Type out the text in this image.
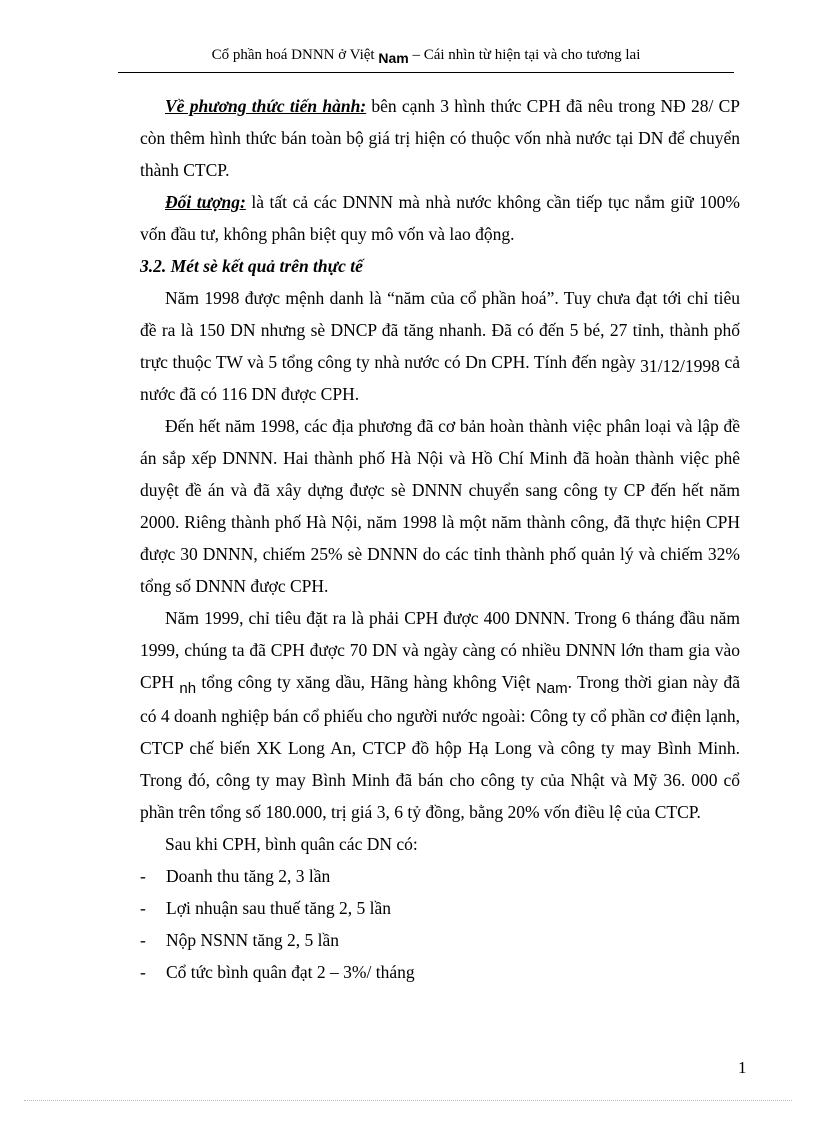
Cổ phần hoá DNNN ở Việt Nam – Cái nhìn từ hiện tại và cho tương lai

Về phương thức tiến hành: bên cạnh 3 hình thức CPH đã nêu trong NĐ 28/ CP còn thêm hình thức bán toàn bộ giá trị hiện có thuộc vốn nhà nước tại DN để chuyển thành CTCP.

Đối tượng: là tất cả các DNNN mà nhà nước không cần tiếp tục nắm giữ 100% vốn đầu tư, không phân biệt quy mô vốn và lao động.

3.2. Mét sè kết quả trên thực tế

Năm 1998 được mệnh danh là “năm của cổ phần hoá”. Tuy chưa đạt tới chỉ tiêu đề ra là 150 DN nhưng sè DNCP đã tăng nhanh. Đã có đến 5 bé, 27 tỉnh, thành phố trực thuộc TW và 5 tổng công ty nhà nước có Dn CPH. Tính đến ngày 31/12/1998 cả nước đã có 116 DN được CPH.

Đến hết năm 1998, các địa phương đã cơ bản hoàn thành việc phân loại và lập đề án sắp xếp DNNN. Hai thành phố Hà Nội và Hồ Chí Minh đã hoàn thành việc phê duyệt đề án và đã xây dựng được sè DNNN chuyển sang công ty CP đến hết năm 2000. Riêng thành phố Hà Nội, năm 1998 là một năm thành công, đã thực hiện CPH được 30 DNNN, chiếm 25% sè DNNN do các tỉnh thành phố quản lý và chiếm 32% tổng số DNNN được CPH.

Năm 1999, chỉ tiêu đặt ra là phải CPH được 400 DNNN. Trong 6 tháng đầu năm 1999, chúng ta đã CPH được 70 DN và ngày càng có nhiều DNNN lớn tham gia vào CPH nh tổng công ty xăng dầu, Hãng hàng không Việt Nam. Trong thời gian này đã có 4 doanh nghiệp bán cổ phiếu cho người nước ngoài: Công ty cổ phần cơ điện lạnh, CTCP chế biến XK Long An, CTCP đồ hộp Hạ Long và công ty may Bình Minh. Trong đó, công ty may Bình Minh đã bán cho công ty của Nhật và Mỹ 36. 000 cổ phần trên tổng số 180.000, trị giá 3, 6 tỷ đồng, bằng 20% vốn điều lệ của CTCP.

Sau khi CPH, bình quân các DN có:

- Doanh thu tăng 2, 3 lần
- Lợi nhuận sau thuế tăng 2, 5 lần
- Nộp NSNN tăng 2, 5 lần
- Cổ tức bình quân đạt 2 – 3%/ tháng
1
